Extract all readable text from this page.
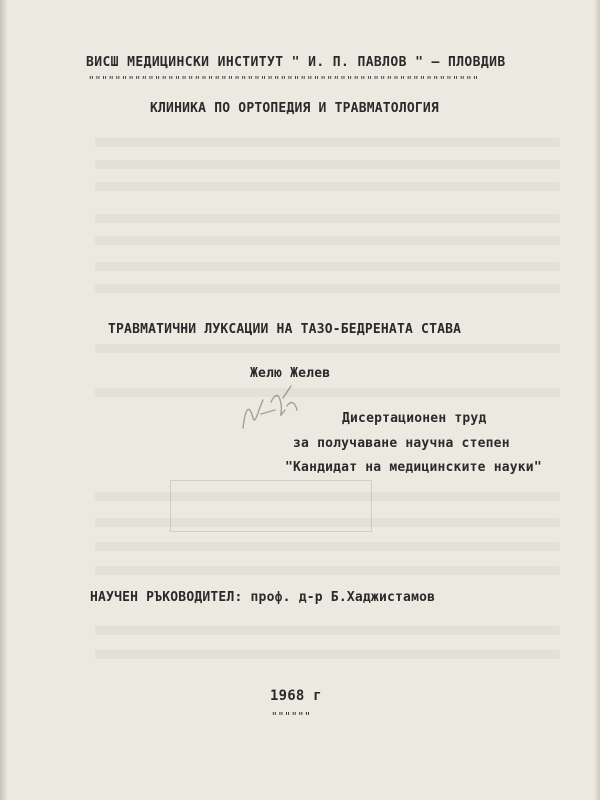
ВИСШ МЕДИЦИНСКИ ИНСТИТУТ " И. П. ПАВЛОВ " – ПЛОВДИВ
"""""""""""""""""""""""""""""""""""""""""""""""""""""""""""
КЛИНИКА ПО ОРТОПЕДИЯ И ТРАВМАТОЛОГИЯ
ТРАВМАТИЧНИ ЛУКСАЦИИ НА ТАЗО-БЕДРЕНАТА СТАВА
Желю Желев
Дисертационен труд
за получаване научна степен
"Кандидат на медицинските науки"
НАУЧЕН РЪКОВОДИТЕЛ: проф. д-р Б.Хаджистамов
1968 г
""""""
